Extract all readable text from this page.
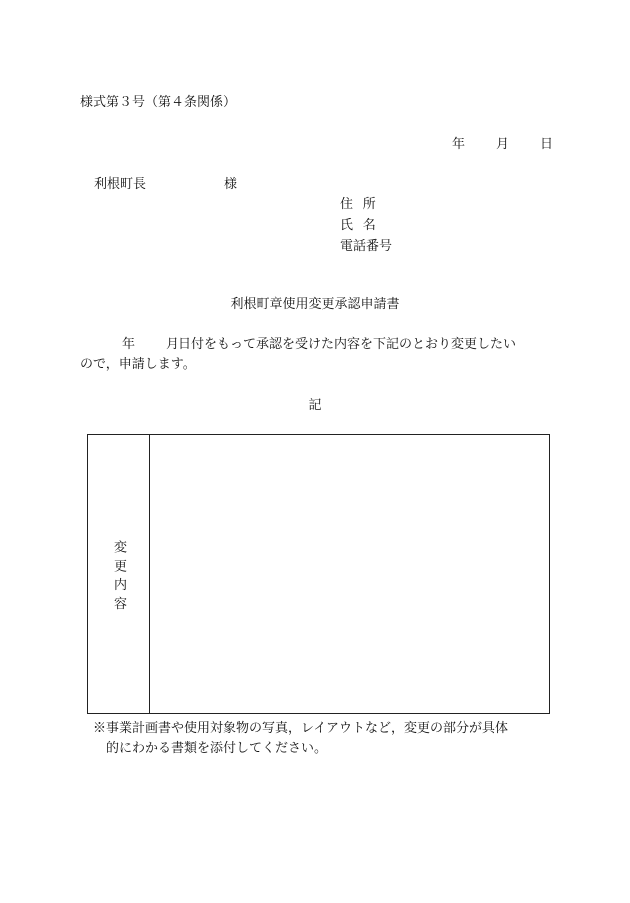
様式第３号（第４条関係）
年 月 日
利根町長	様
住所
氏名
電話番号
利根町章使用変更承認申請書
年 月
日付をもって承認を受けた内容を下記のとおり変更したい
ので，申請します。
記
変更内容
※事業計画書や使用対象物の写真，レイアウトなど，変更の部分が具体
的にわかる書類を添付してください。
